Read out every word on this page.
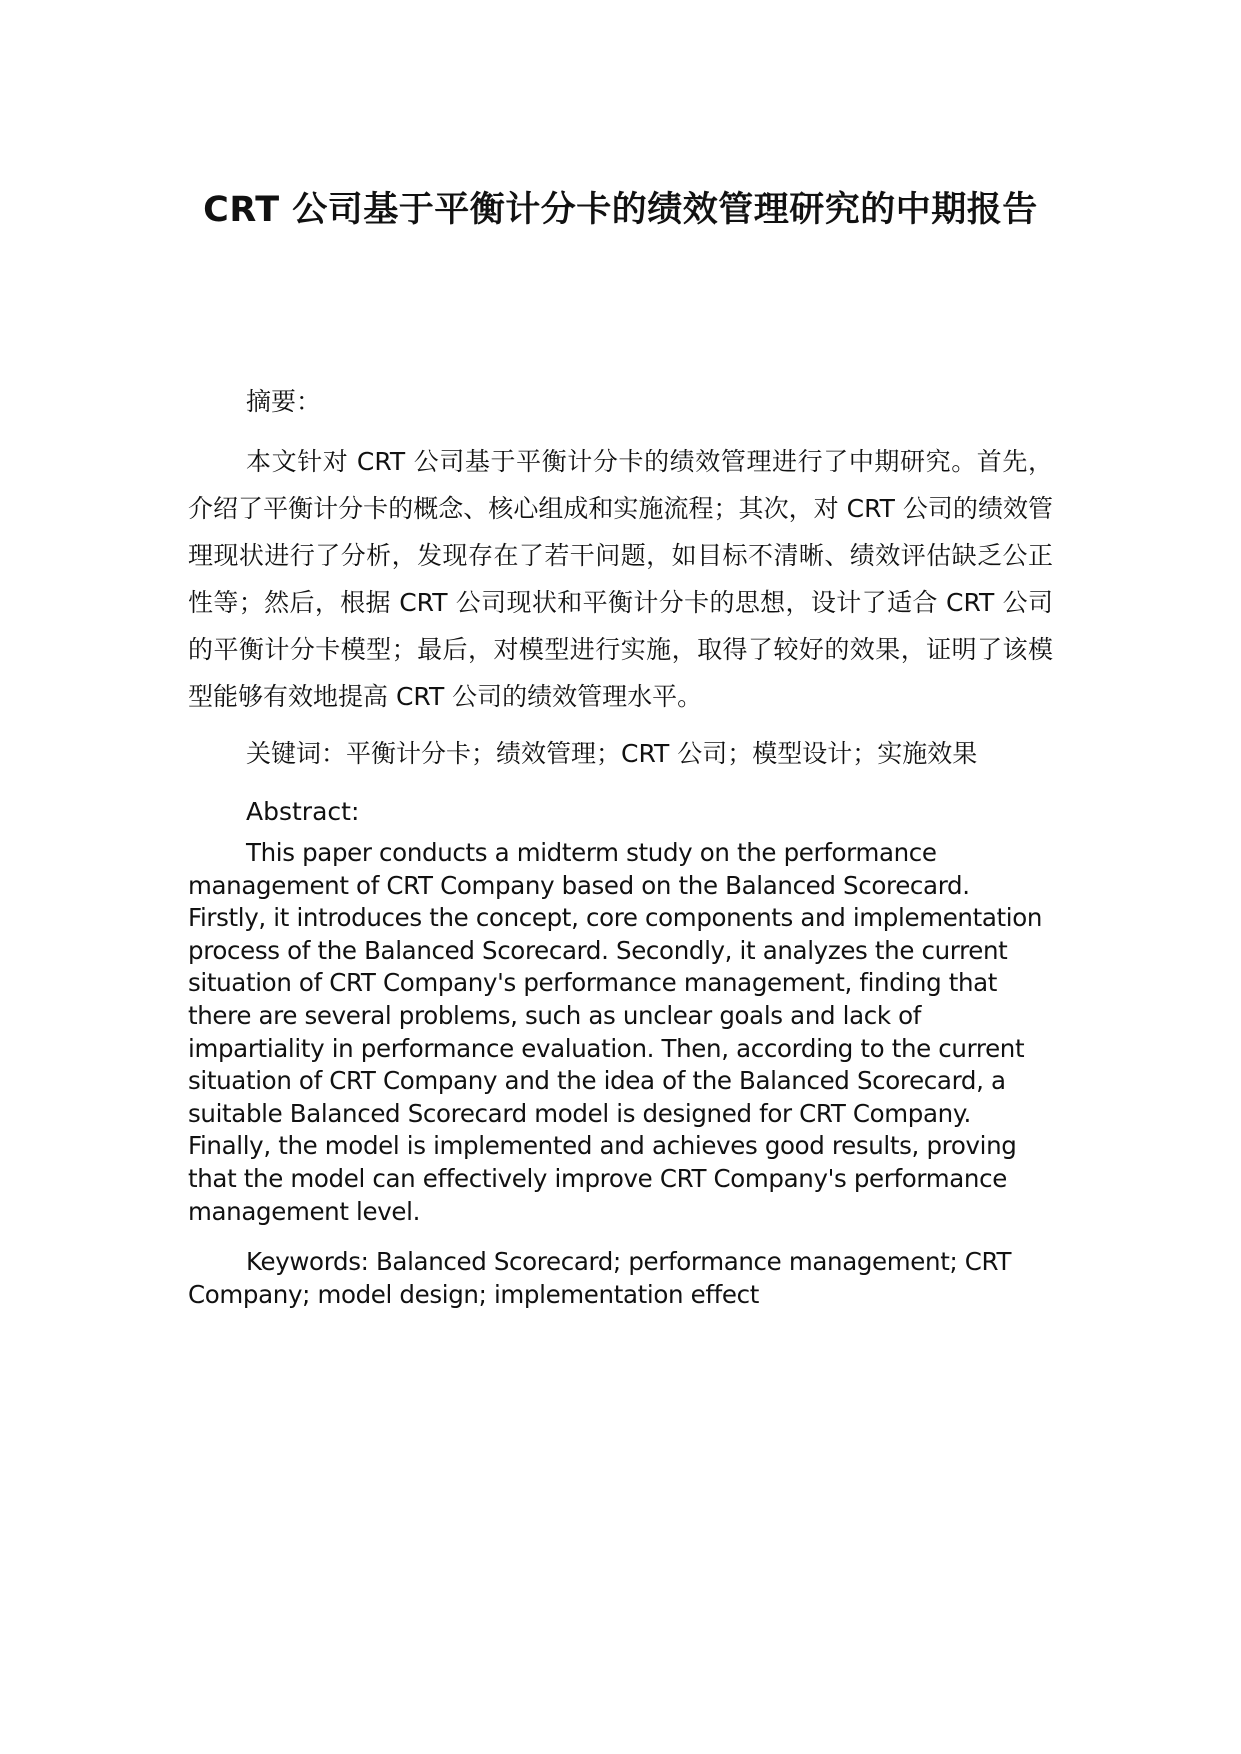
CRT 公司基于平衡计分卡的绩效管理研究的中期报告

摘要：

本文针对 CRT 公司基于平衡计分卡的绩效管理进行了中期研究。首先，介绍了平衡计分卡的概念、核心组成和实施流程；其次，对 CRT 公司的绩效管理现状进行了分析，发现存在了若干问题，如目标不清晰、绩效评估缺乏公正性等；然后，根据 CRT 公司现状和平衡计分卡的思想，设计了适合 CRT 公司的平衡计分卡模型；最后，对模型进行实施，取得了较好的效果，证明了该模型能够有效地提高 CRT 公司的绩效管理水平。

关键词：平衡计分卡；绩效管理；CRT 公司；模型设计；实施效果

Abstract:

This paper conducts a midterm study on the performance management of CRT Company based on the Balanced Scorecard. Firstly, it introduces the concept, core components and implementation process of the Balanced Scorecard. Secondly, it analyzes the current situation of CRT Company's performance management, finding that there are several problems, such as unclear goals and lack of impartiality in performance evaluation. Then, according to the current situation of CRT Company and the idea of the Balanced Scorecard, a suitable Balanced Scorecard model is designed for CRT Company. Finally, the model is implemented and achieves good results, proving that the model can effectively improve CRT Company's performance management level.

Keywords: Balanced Scorecard; performance management; CRT Company; model design; implementation effect
